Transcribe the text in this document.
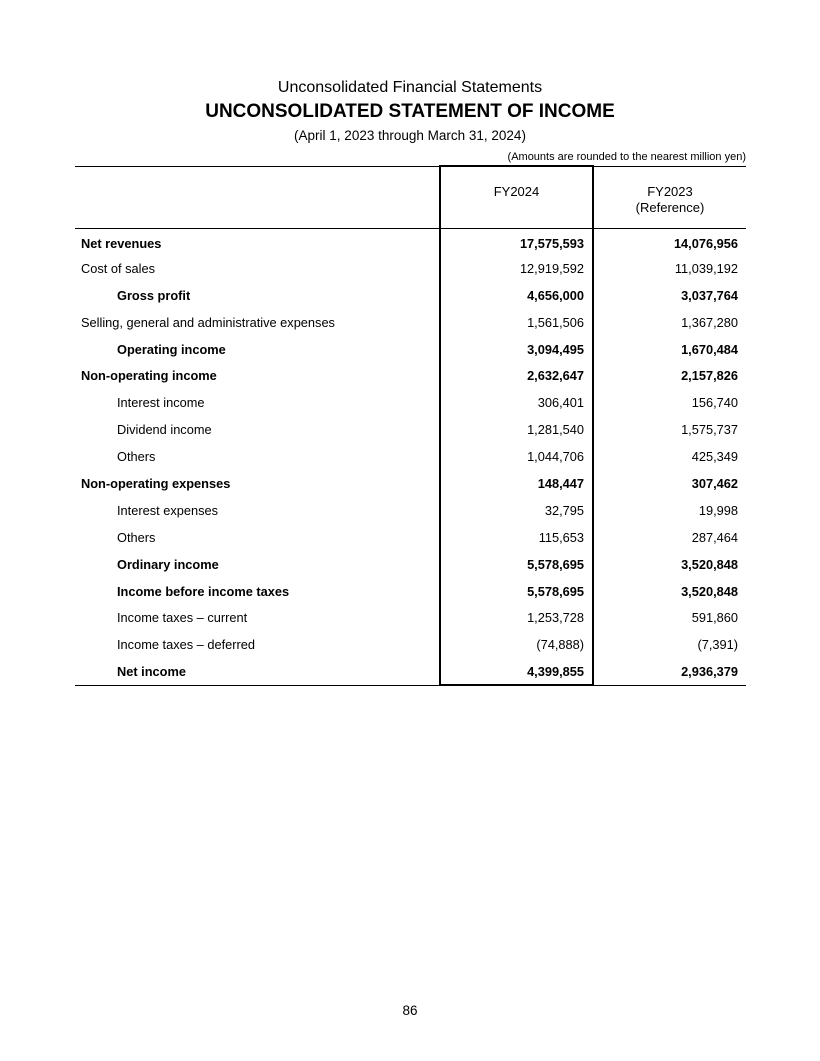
Unconsolidated Financial Statements
UNCONSOLIDATED STATEMENT OF INCOME
(April 1, 2023 through March 31, 2024)
(Amounts are rounded to the nearest million yen)
	FY2024	FY2023
(Reference)
Net revenues	17,575,593	14,076,956
Cost of sales	12,919,592	11,039,192
Gross profit	4,656,000	3,037,764
Selling, general and administrative expenses	1,561,506	1,367,280
Operating income	3,094,495	1,670,484
Non-operating income	2,632,647	2,157,826
Interest income	306,401	156,740
Dividend income	1,281,540	1,575,737
Others	1,044,706	425,349
Non-operating expenses	148,447	307,462
Interest expenses	32,795	19,998
Others	115,653	287,464
Ordinary income	5,578,695	3,520,848
Income before income taxes	5,578,695	3,520,848
Income taxes – current	1,253,728	591,860
Income taxes – deferred	(74,888)	(7,391)
Net income	4,399,855	2,936,379
86
